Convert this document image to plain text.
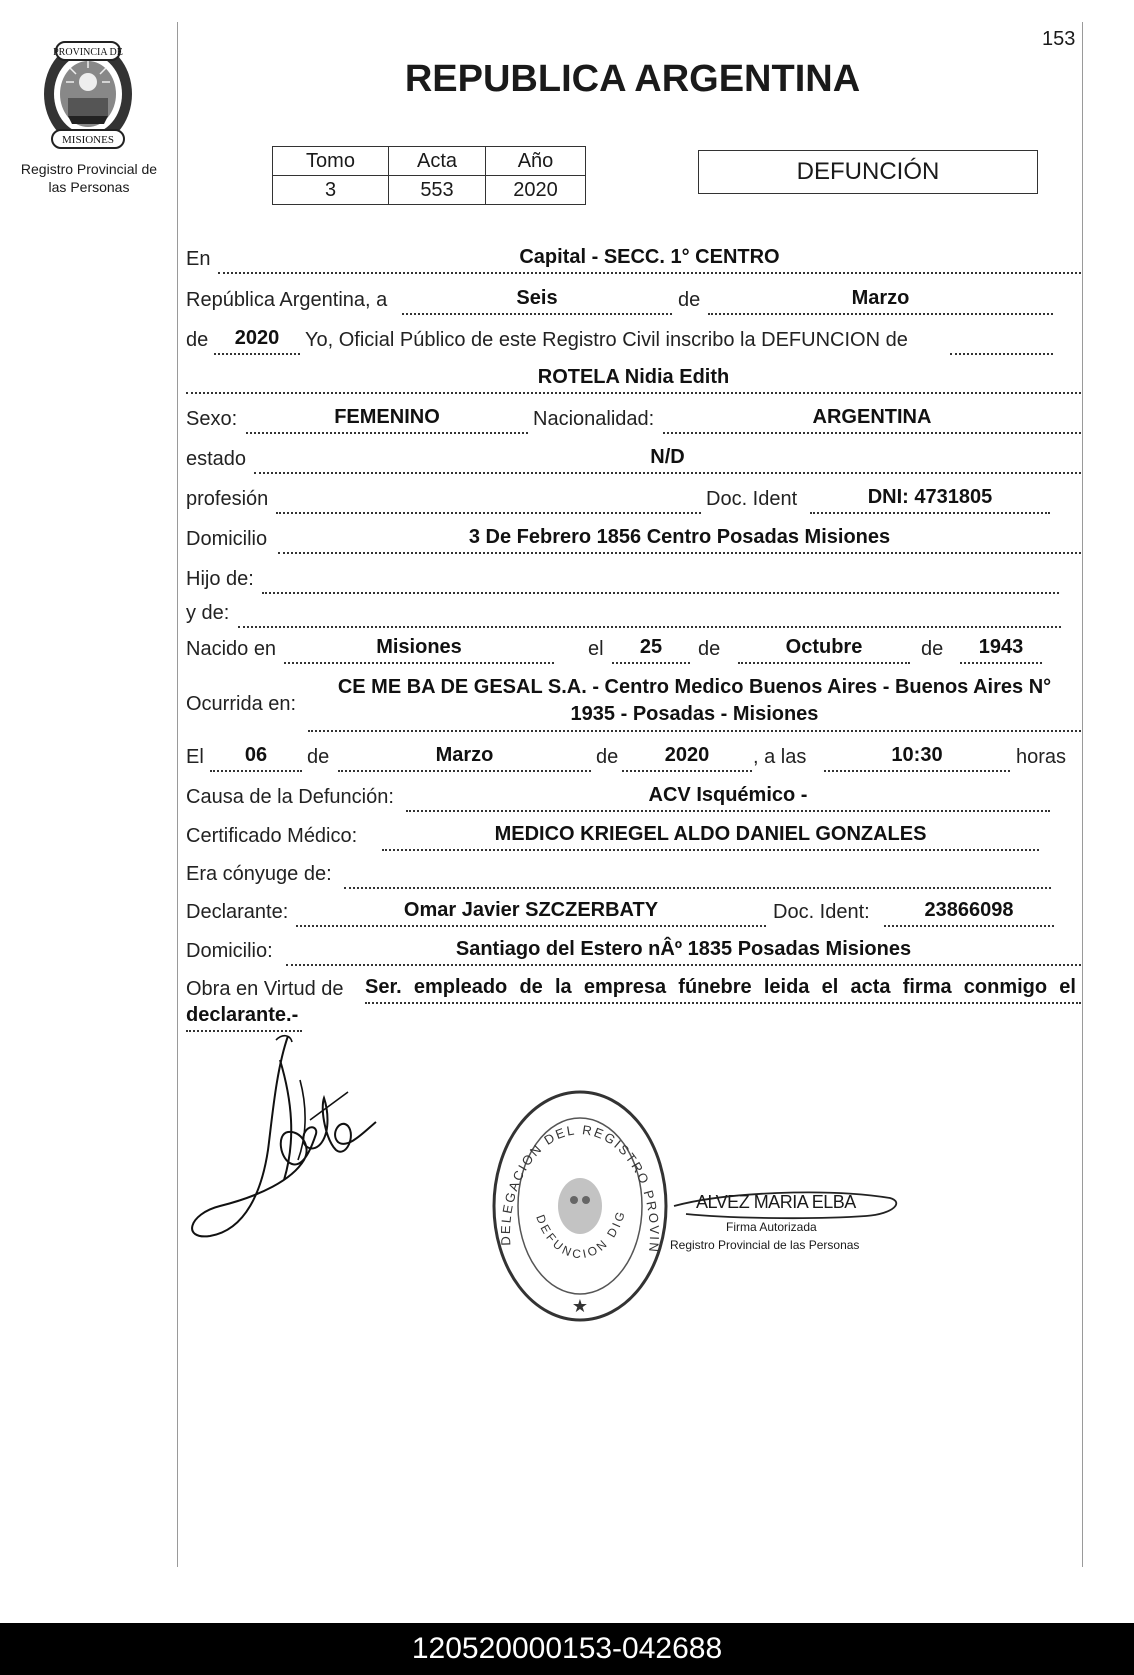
PROVINCIA DE
MISIONES
Registro Provincial de las Personas
153
REPUBLICA ARGENTINA
Tomo	Acta	Año
3	553	2020
DEFUNCIÓN
En	Capital - SECC. 1° CENTRO
República Argentina, a	Seis	de	Marzo
de	2020	Yo, Oficial Público de este Registro Civil inscribo la DEFUNCION de
ROTELA Nidia Edith
Sexo:	FEMENINO	Nacionalidad:	ARGENTINA
estado	N/D
profesión	Doc. Ident	DNI: 4731805
Domicilio	3 De Febrero 1856 Centro Posadas Misiones
Hijo de:
y de:
Nacido en	Misiones	el	25	de	Octubre	de	1943
Ocurrida en:
CE ME BA DE GESAL S.A. - Centro Medico Buenos Aires - Buenos Aires N°
1935 - Posadas - Misiones
El	06	de	Marzo	de	2020	, a las	10:30	horas
Causa de la Defunción:	ACV Isquémico -
Certificado Médico:	MEDICO KRIEGEL ALDO DANIEL GONZALES
Era cónyuge de:
Declarante:	Omar Javier SZCZERBATY	Doc. Ident:	23866098
Domicilio:	Santiago del Estero nÂº 1835 Posadas Misiones
Obra en Virtud de Ser. empleado de la empresa fúnebre leida el acta firma conmigo el
declarante.-
DELEGACION DEL REGISTRO PROVIN
DEFUNCION DIG
★
ALVEZ MARIA ELBA
Firma Autorizada
Registro Provincial de las Personas
120520000153-042688
